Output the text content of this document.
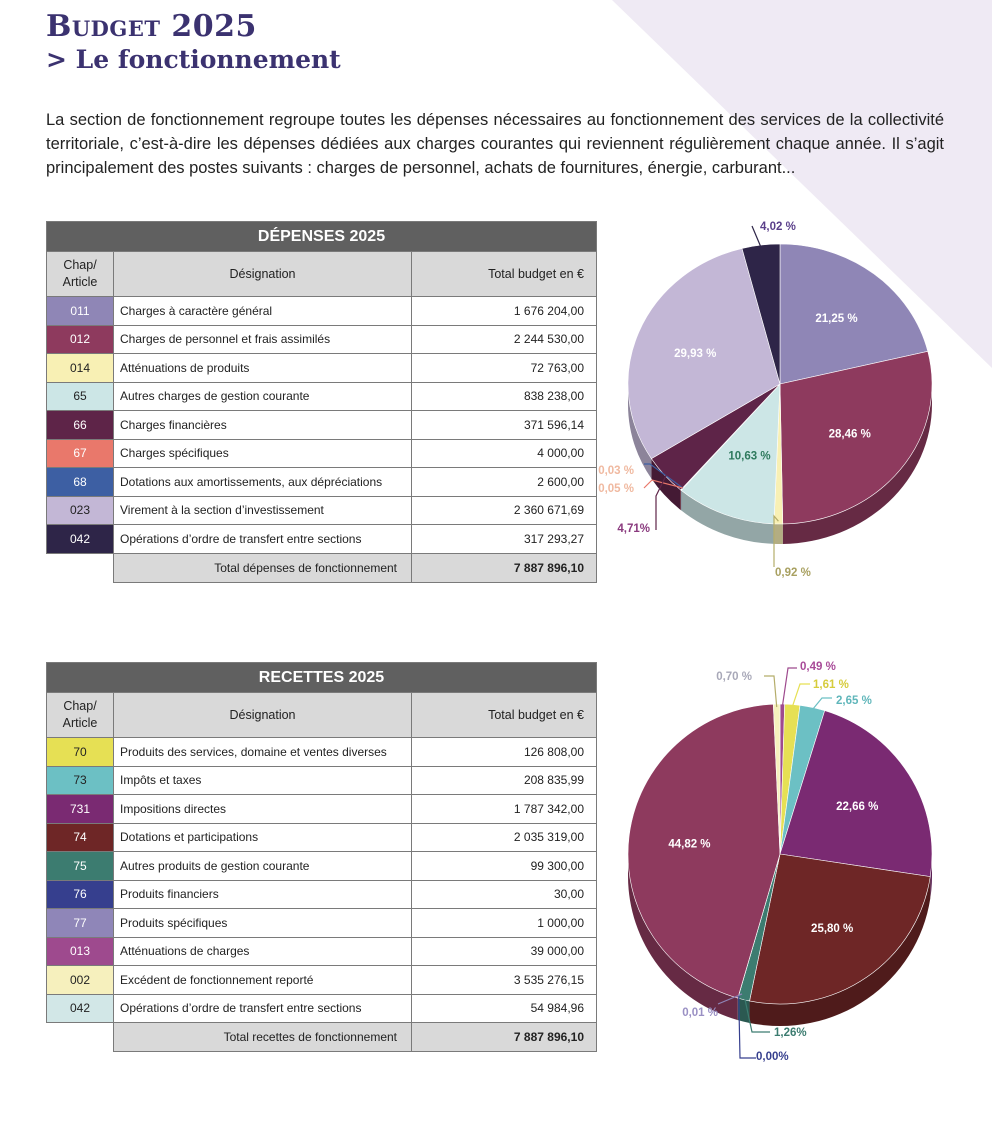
Budget 2025
> Le fonctionnement
La section de fonctionnement regroupe toutes les dépenses nécessaires au fonctionnement des services de la collectivité territoriale, c’est-à-dire les dépenses dédiées aux charges courantes qui reviennent régulièrement chaque année. Il s’agit principalement des postes suivants : charges de personnel, achats de fournitures, énergie, carburant...
DÉPENSES 2025		
Chap/ Article	Désignation	Total budget en €
011	Charges à caractère général	1 676 204,00
012	Charges de personnel et frais assimilés	2 244 530,00
014	Atténuations de produits	72 763,00
65	Autres charges de gestion courante	838 238,00
66	Charges financières	371 596,14
67	Charges spécifiques	4 000,00
68	Dotations aux amortissements, aux dépréciations	2 600,00
023	Virement à la section d’investissement	2 360 671,69
042	Opérations d’ordre de transfert entre sections	317 293,27
	Total dépenses de fonctionnement	7 887 896,10
RECETTES 2025		
Chap/ Article	Désignation	Total budget en €
70	Produits des services, domaine et ventes diverses	126 808,00
73	Impôts et taxes	208 835,99
731	Impositions directes	1 787 342,00
74	Dotations et participations	2 035 319,00
75	Autres produits de gestion courante	99 300,00
76	Produits financiers	30,00
77	Produits spécifiques	1 000,00
013	Atténuations de charges	39 000,00
002	Excédent de fonctionnement reporté	3 535 276,15
042	Opérations d’ordre de transfert entre sections	54 984,96
	Total recettes de fonctionnement	7 887 896,10
21,25 %
28,46 %
0,92 %
10,63 %
0,03 %
0,05 %
4,71%
29,93 %
4,02 %
0,49 %
1,61 %
2,65 %
22,66 %
25,80 %
1,26%
0,00%
0,01 %
44,82 %
0,70 %
